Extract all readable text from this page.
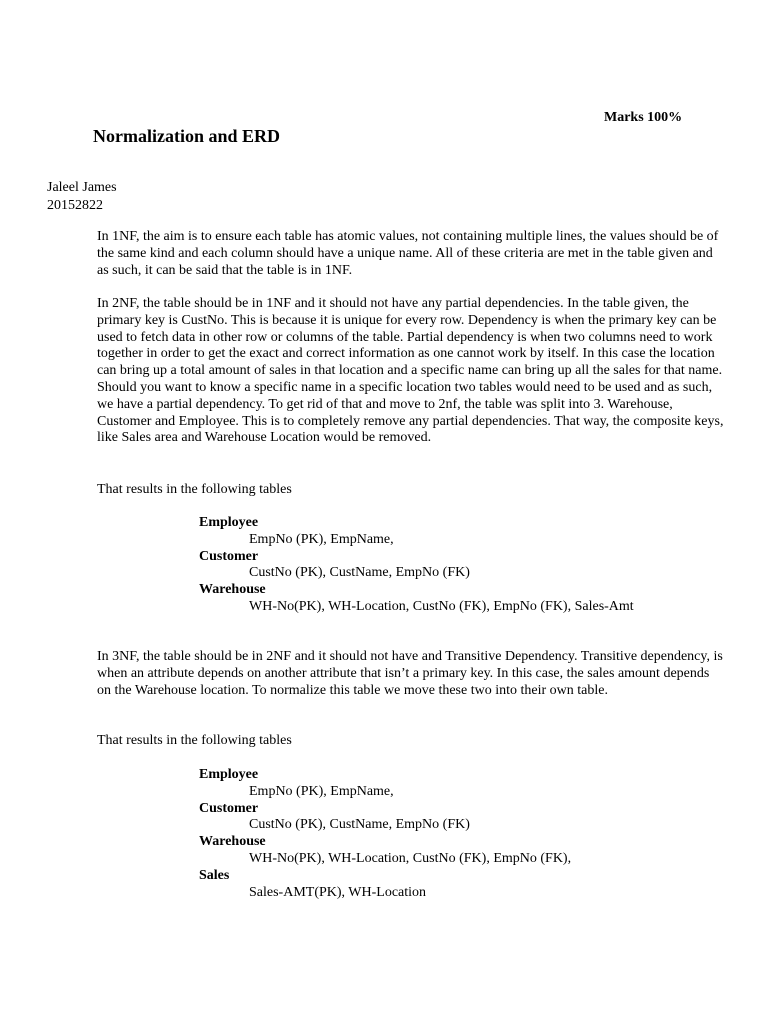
Marks 100%
Normalization and ERD
Jaleel James
20152822

In 1NF, the aim is to ensure each table has atomic values, not containing multiple lines, the values should be of the same kind and each column should have a unique name. All of these criteria are met in the table given and as such, it can be said that the table is in 1NF.

In 2NF, the table should be in 1NF and it should not have any partial dependencies. In the table given, the primary key is CustNo. This is because it is unique for every row. Dependency is when the primary key can be used to fetch data in other row or columns of the table. Partial dependency is when two columns need to work together in order to get the exact and correct information as one cannot work by itself. In this case the location can bring up a total amount of sales in that location and a specific name can bring up all the sales for that name. Should you want to know a specific name in a specific location two tables would need to be used and as such, we have a partial dependency. To get rid of that and move to 2nf, the table was split into 3. Warehouse, Customer and Employee. This is to completely remove any partial dependencies. That way, the composite keys, like Sales area and Warehouse Location would be removed.

That results in the following tables

Employee
EmpNo (PK), EmpName,
Customer
CustNo (PK), CustName, EmpNo (FK)
Warehouse
WH-No(PK), WH-Location, CustNo (FK), EmpNo (FK), Sales-Amt

In 3NF, the table should be in 2NF and it should not have and Transitive Dependency. Transitive dependency, is when an attribute depends on another attribute that isn’t a primary key. In this case, the sales amount depends on the Warehouse location. To normalize this table we move these two into their own table.

That results in the following tables

Employee
EmpNo (PK), EmpName,
Customer
CustNo (PK), CustName, EmpNo (FK)
Warehouse
WH-No(PK), WH-Location, CustNo (FK), EmpNo (FK),
Sales
Sales-AMT(PK), WH-Location
